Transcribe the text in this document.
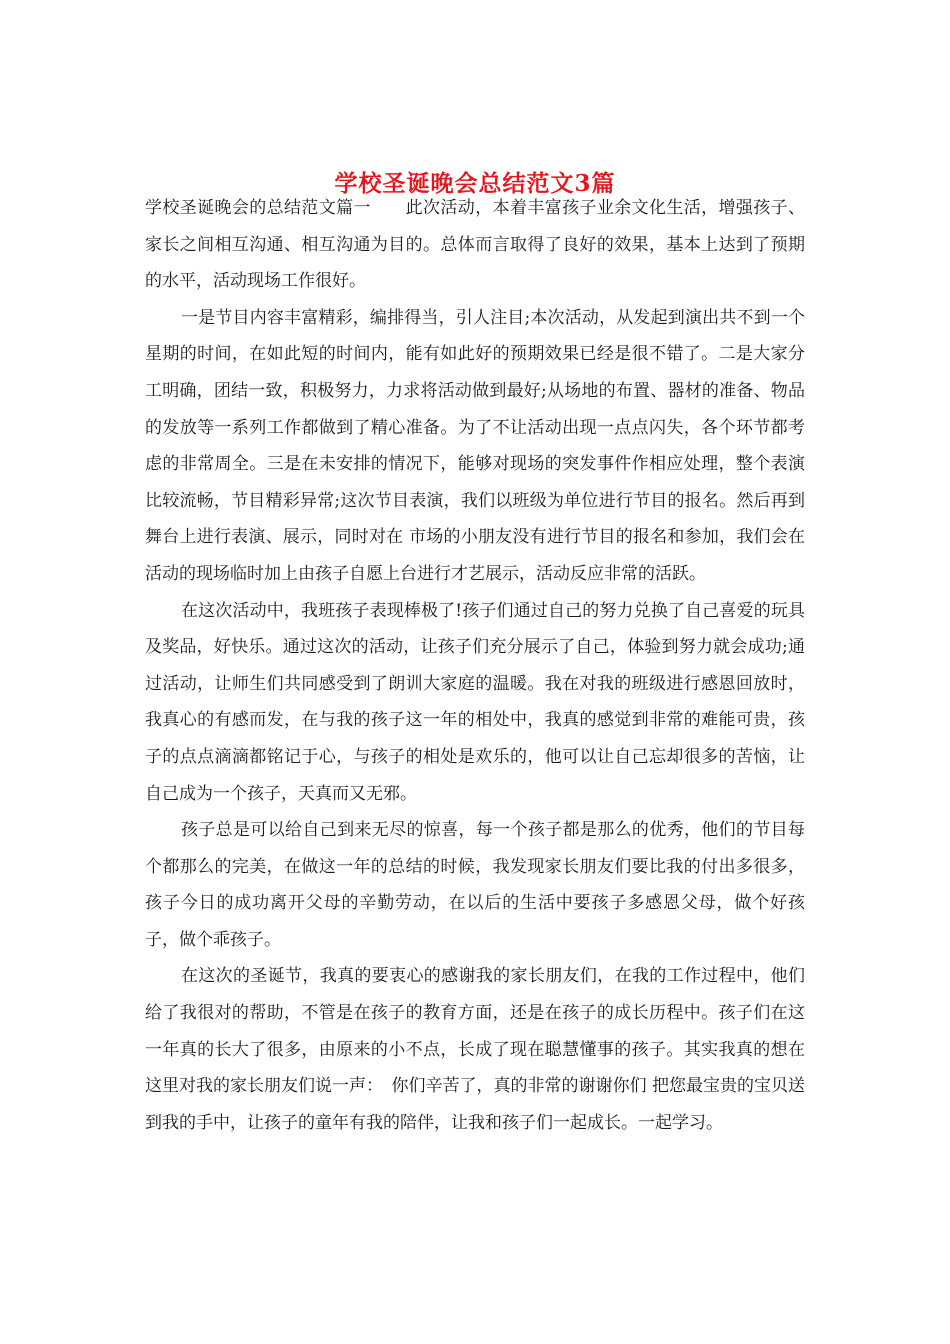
学校圣诞晚会总结范文3篇

学校圣诞晚会的总结范文篇一　　此次活动，本着丰富孩子业余文化生活，增强孩子、家长之间相互沟通、相互沟通为目的。总体而言取得了良好的效果，基本上达到了预期的水平，活动现场工作很好。

一是节目内容丰富精彩，编排得当，引人注目;本次活动，从发起到演出共不到一个星期的时间，在如此短的时间内，能有如此好的预期效果已经是很不错了。二是大家分工明确，团结一致，积极努力，力求将活动做到最好;从场地的布置、器材的准备、物品的发放等一系列工作都做到了精心准备。为了不让活动出现一点点闪失，各个环节都考虑的非常周全。三是在未安排的情况下，能够对现场的突发事件作相应处理，整个表演比较流畅，节目精彩异常;这次节目表演，我们以班级为单位进行节目的报名。然后再到舞台上进行表演、展示，同时对在 市场的小朋友没有进行节目的报名和参加，我们会在活动的现场临时加上由孩子自愿上台进行才艺展示，活动反应非常的活跃。

在这次活动中，我班孩子表现棒极了!孩子们通过自己的努力兑换了自己喜爱的玩具及奖品，好快乐。通过这次的活动，让孩子们充分展示了自己，体验到努力就会成功;通过活动，让师生们共同感受到了朗训大家庭的温暖。我在对我的班级进行感恩回放时，我真心的有感而发，在与我的孩子这一年的相处中，我真的感觉到非常的难能可贵，孩子的点点滴滴都铭记于心，与孩子的相处是欢乐的，他可以让自己忘却很多的苦恼，让自己成为一个孩子，天真而又无邪。

孩子总是可以给自己到来无尽的惊喜，每一个孩子都是那么的优秀，他们的节目每个都那么的完美，在做这一年的总结的时候，我发现家长朋友们要比我的付出多很多，孩子今日的成功离开父母的辛勤劳动，在以后的生活中要孩子多感恩父母，做个好孩子，做个乖孩子。

在这次的圣诞节，我真的要衷心的感谢我的家长朋友们，在我的工作过程中，他们给了我很对的帮助，不管是在孩子的教育方面，还是在孩子的成长历程中。孩子们在这一年真的长大了很多，由原来的小不点，长成了现在聪慧懂事的孩子。其实我真的想在这里对我的家长朋友们说一声：　你们辛苦了，真的非常的谢谢你们 把您最宝贵的宝贝送到我的手中，让孩子的童年有我的陪伴，让我和孩子们一起成长。一起学习。
